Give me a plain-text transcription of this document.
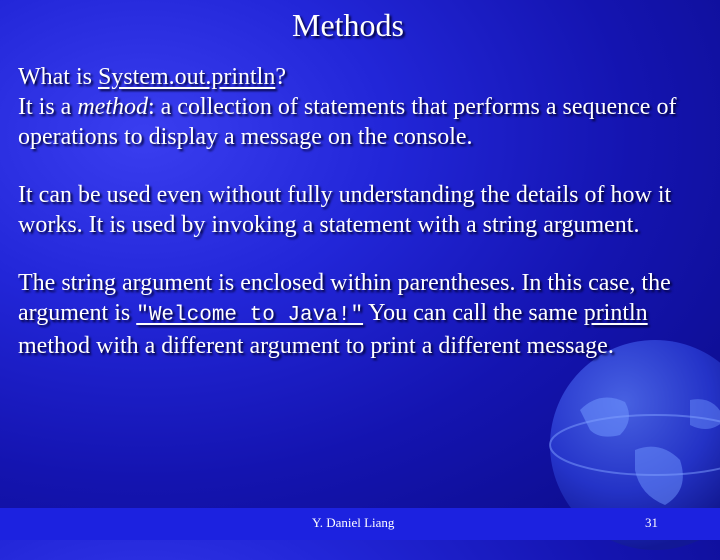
Methods

What is System.out.println?

It is a method: a collection of statements that performs a sequence of operations to display a message on the console.

It can be used even without fully understanding the details of how it works. It is used by invoking a statement with a string argument.

The string argument is enclosed within parentheses. In this case, the argument is "Welcome to Java!" You can call the same println method with a different argument to print a different message.

Y. Daniel Liang	31
